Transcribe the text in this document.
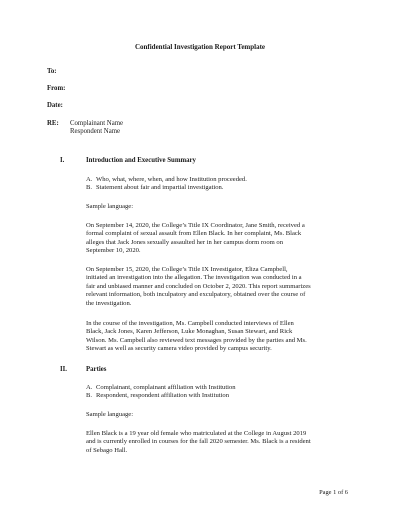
Confidential Investigation Report Template
To:
From:
Date:
RE: Complainant Name
Respondent Name
I.	Introduction and Executive Summary
A. Who, what, where, when, and how Institution proceeded.
B. Statement about fair and impartial investigation.
Sample language:
On September 14, 2020, the College’s Title IX Coordinator, Jane Smith, received a
formal complaint of sexual assault from Ellen Black. In her complaint, Ms. Black
alleges that Jack Jones sexually assaulted her in her campus dorm room on
September 10, 2020.
On September 15, 2020, the College’s Title IX Investigator, Eliza Campbell,
initiated an investigation into the allegation. The investigation was conducted in a
fair and unbiased manner and concluded on October 2, 2020. This report summarizes
relevant information, both inculpatory and exculpatory, obtained over the course of
the investigation.
In the course of the investigation, Ms. Campbell conducted interviews of Ellen
Black, Jack Jones, Karen Jefferson, Luke Monaghan, Susan Stewart, and Rick
Wilson. Ms. Campbell also reviewed text messages provided by the parties and Ms.
Stewart as well as security camera video provided by campus security.
II.	Parties
A. Complainant, complainant affiliation with Institution
B. Respondent, respondent affiliation with Institution
Sample language:
Ellen Black is a 19 year old female who matriculated at the College in August 2019
and is currently enrolled in courses for the fall 2020 semester. Ms. Black is a resident
of Sebago Hall.
Page 1 of 6
